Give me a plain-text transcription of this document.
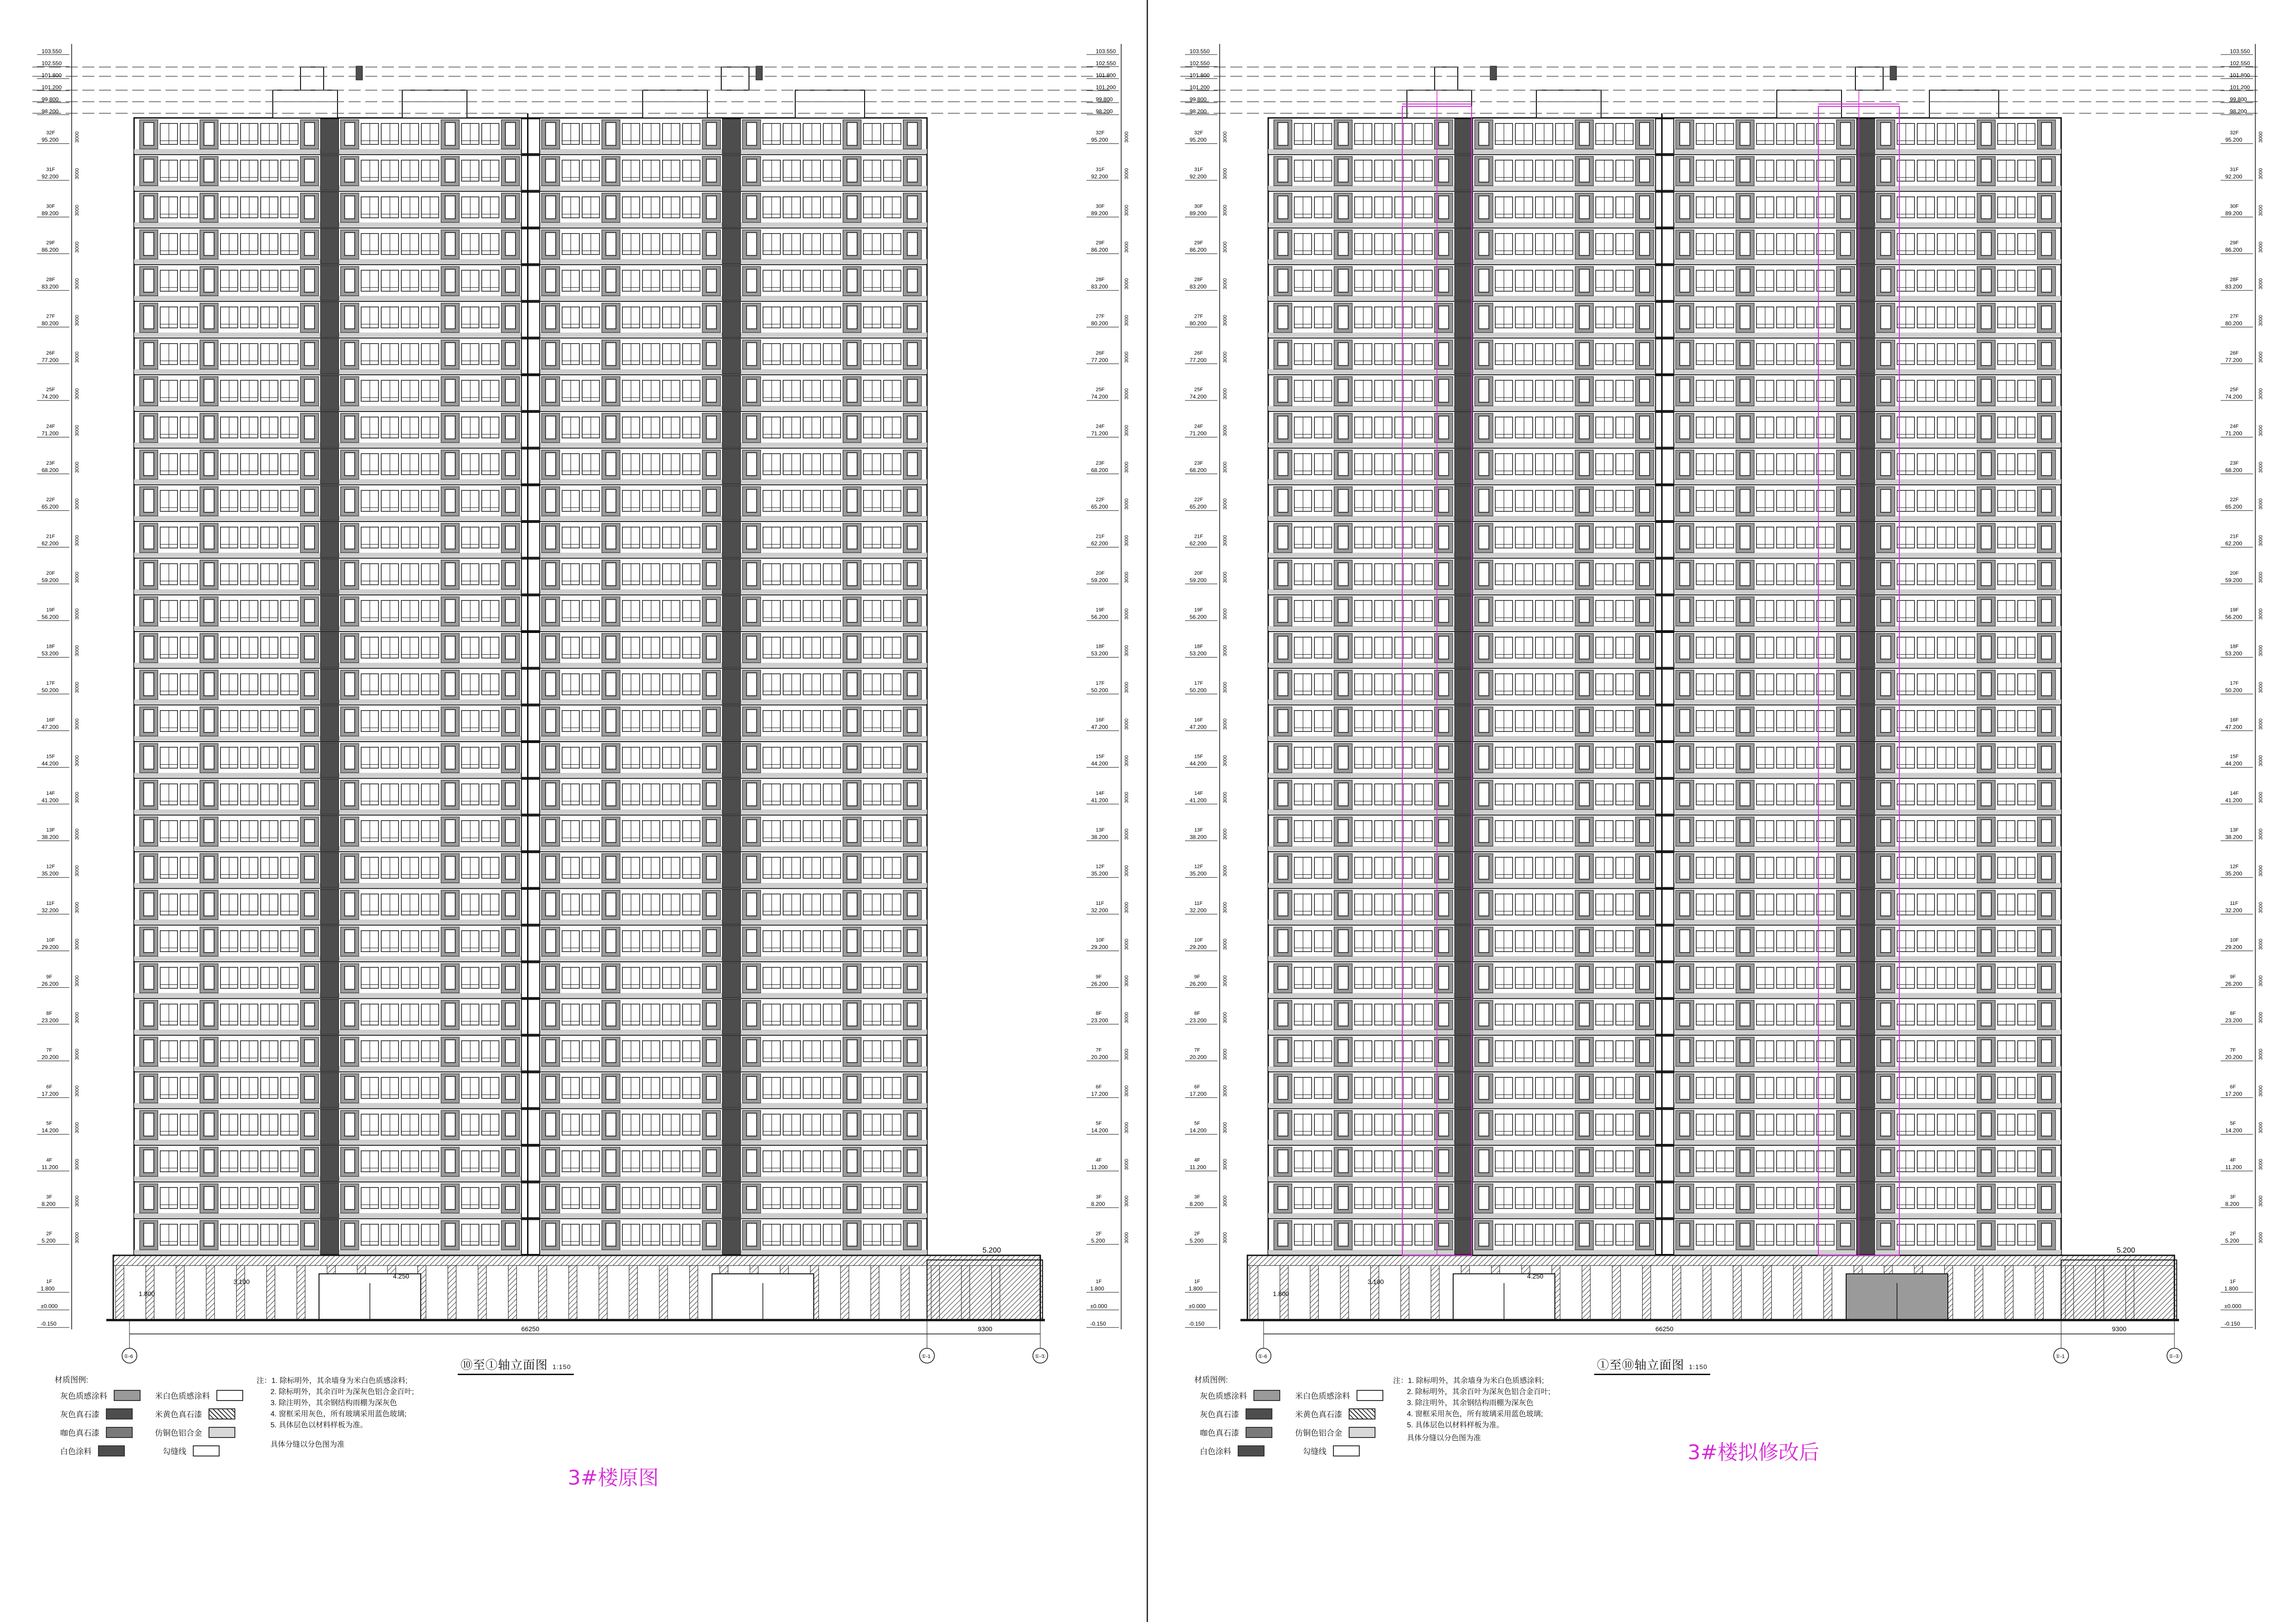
5.200
4.250
3.100
1.800
66250	9300
①-6	①-1	①-①
103.550
102.550
101.800
101.200
99.800
98.200
32F
95.200	3000
31F
92.200	3000
30F
89.200	3000
29F
86.200	3000
28F
83.200	3000
27F
80.200	3000
26F
77.200	3000
25F
74.200	3000
24F
71.200	3000
23F
68.200	3000
22F
65.200	3000
21F
62.200	3000
20F
59.200	3000
19F
56.200	3000
18F
53.200	3000
17F
50.200	3000
16F
47.200	3000
15F
44.200	3000
14F
41.200	3000
13F
38.200	3000
12F
35.200	3000
11F
32.200	3000
10F
29.200	3000
9F
26.200	3000
8F
23.200	3000
7F
20.200	3000
6F
17.200	3000
5F
14.200	3000
4F
11.200	3000
3F
8.200	3000
2F
5.200	3000
1F
1.800
±0.000
-0.150
103.550
102.550
101.800
101.200
99.800
98.200
32F
95.200	3000
31F
92.200	3000
30F
89.200	3000
29F
86.200	3000
28F
83.200	3000
27F
80.200	3000
26F
77.200	3000
25F
74.200	3000
24F
71.200	3000
23F
68.200	3000
22F
65.200	3000
21F
62.200	3000
20F
59.200	3000
19F
56.200	3000
18F
53.200	3000
17F
50.200	3000
16F
47.200	3000
15F
44.200	3000
14F
41.200	3000
13F
38.200	3000
12F
35.200	3000
11F
32.200	3000
10F
29.200	3000
9F
26.200	3000
8F
23.200	3000
7F
20.200	3000
6F
17.200	3000
5F
14.200	3000
4F
11.200	3000
3F
8.200	3000
2F
5.200	3000
1F
1.800
±0.000
-0.150
⑩至①轴立面图 1:150
材质图例:
灰色质感涂料
灰色真石漆
咖色真石漆
白色涂料
米白色质感涂料
米黄色真石漆
仿铜色铝合金
勾缝线
注：1. 除标明外，其余墙身为米白色质感涂料;
2. 除标明外，其余百叶为深灰色铝合金百叶;
3. 除注明外，其余钢结构雨棚为深灰色
4. 窗框采用灰色，所有玻璃采用蓝色玻璃;
5. 具体层色以材料样板为准。
具体分缝以分色图为准
3#楼原图
5.200
4.250
3.100
1.800
66250	9300
①-6	①-1	①-①
103.550
102.550
101.800
101.200
99.800
98.200
32F
95.200	3000
31F
92.200	3000
30F
89.200	3000
29F
86.200	3000
28F
83.200	3000
27F
80.200	3000
26F
77.200	3000
25F
74.200	3000
24F
71.200	3000
23F
68.200	3000
22F
65.200	3000
21F
62.200	3000
20F
59.200	3000
19F
56.200	3000
18F
53.200	3000
17F
50.200	3000
16F
47.200	3000
15F
44.200	3000
14F
41.200	3000
13F
38.200	3000
12F
35.200	3000
11F
32.200	3000
10F
29.200	3000
9F
26.200	3000
8F
23.200	3000
7F
20.200	3000
6F
17.200	3000
5F
14.200	3000
4F
11.200	3000
3F
8.200	3000
2F
5.200	3000
1F
1.800
±0.000
-0.150
103.550
102.550
101.800
101.200
99.800
98.200
32F
95.200	3000
31F
92.200	3000
30F
89.200	3000
29F
86.200	3000
28F
83.200	3000
27F
80.200	3000
26F
77.200	3000
25F
74.200	3000
24F
71.200	3000
23F
68.200	3000
22F
65.200	3000
21F
62.200	3000
20F
59.200	3000
19F
56.200	3000
18F
53.200	3000
17F
50.200	3000
16F
47.200	3000
15F
44.200	3000
14F
41.200	3000
13F
38.200	3000
12F
35.200	3000
11F
32.200	3000
10F
29.200	3000
9F
26.200	3000
8F
23.200	3000
7F
20.200	3000
6F
17.200	3000
5F
14.200	3000
4F
11.200	3000
3F
8.200	3000
2F
5.200	3000
1F
1.800
±0.000
-0.150
①至⑩轴立面图 1:150
材质图例:
灰色质感涂料
灰色真石漆
咖色真石漆
白色涂料
米白色质感涂料
米黄色真石漆
仿铜色铝合金
勾缝线
注：1. 除标明外，其余墙身为米白色质感涂料;
2. 除标明外，其余百叶为深灰色铝合金百叶;
3. 除注明外，其余钢结构雨棚为深灰色
4. 窗框采用灰色，所有玻璃采用蓝色玻璃;
5. 具体层色以材料样板为准。
具体分缝以分色图为准
3#楼拟修改后
